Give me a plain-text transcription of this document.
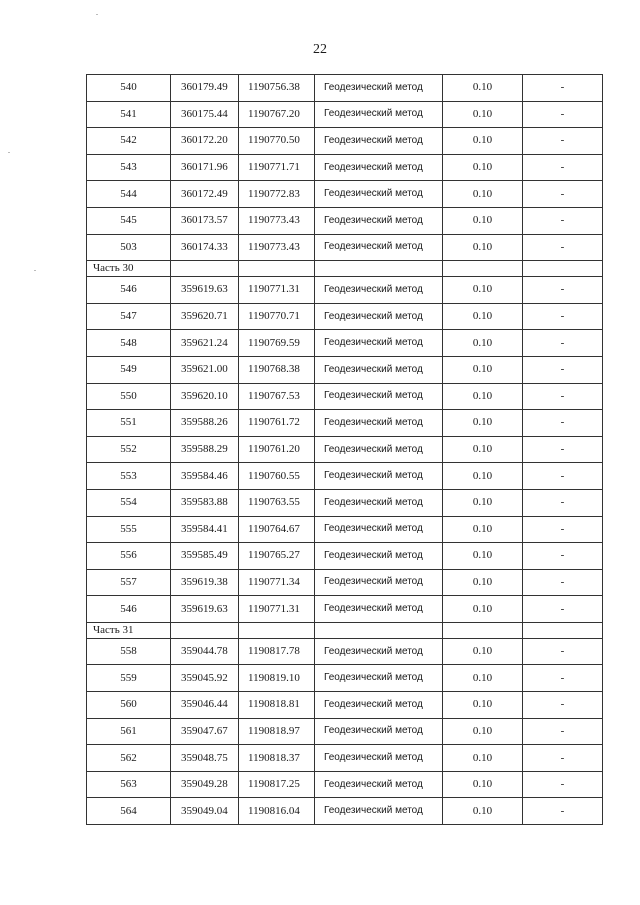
22
540	360179.49	1190756.38	Геодезический метод	0.10	-
541	360175.44	1190767.20	Геодезический метод	0.10	-
542	360172.20	1190770.50	Геодезический метод	0.10	-
543	360171.96	1190771.71	Геодезический метод	0.10	-
544	360172.49	1190772.83	Геодезический метод	0.10	-
545	360173.57	1190773.43	Геодезический метод	0.10	-
503	360174.33	1190773.43	Геодезический метод	0.10	-
Часть 30					
546	359619.63	1190771.31	Геодезический метод	0.10	-
547	359620.71	1190770.71	Геодезический метод	0.10	-
548	359621.24	1190769.59	Геодезический метод	0.10	-
549	359621.00	1190768.38	Геодезический метод	0.10	-
550	359620.10	1190767.53	Геодезический метод	0.10	-
551	359588.26	1190761.72	Геодезический метод	0.10	-
552	359588.29	1190761.20	Геодезический метод	0.10	-
553	359584.46	1190760.55	Геодезический метод	0.10	-
554	359583.88	1190763.55	Геодезический метод	0.10	-
555	359584.41	1190764.67	Геодезический метод	0.10	-
556	359585.49	1190765.27	Геодезический метод	0.10	-
557	359619.38	1190771.34	Геодезический метод	0.10	-
546	359619.63	1190771.31	Геодезический метод	0.10	-
Часть 31					
558	359044.78	1190817.78	Геодезический метод	0.10	-
559	359045.92	1190819.10	Геодезический метод	0.10	-
560	359046.44	1190818.81	Геодезический метод	0.10	-
561	359047.67	1190818.97	Геодезический метод	0.10	-
562	359048.75	1190818.37	Геодезический метод	0.10	-
563	359049.28	1190817.25	Геодезический метод	0.10	-
564	359049.04	1190816.04	Геодезический метод	0.10	-
